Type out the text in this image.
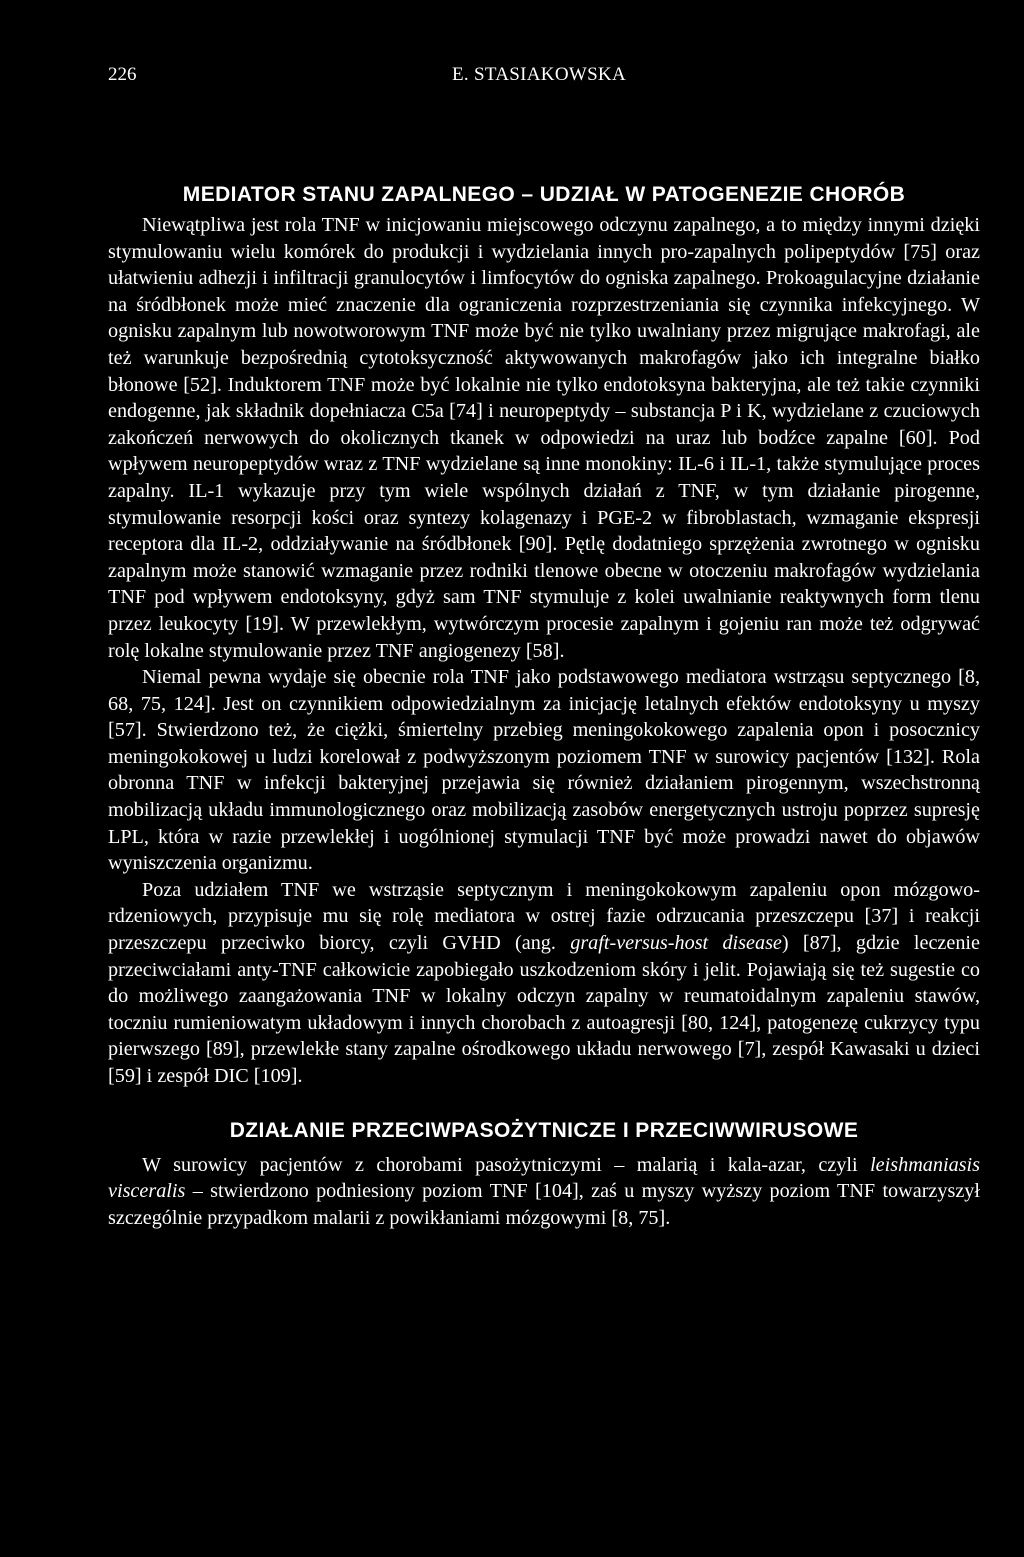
226	E. STASIAKOWSKA
MEDIATOR STANU ZAPALNEGO – UDZIAŁ W PATOGENEZIE CHORÓB

Niewątpliwa jest rola TNF w inicjowaniu miejscowego odczynu zapalnego, a to między innymi dzięki stymulowaniu wielu komórek do produkcji i wydzielania innych pro-zapalnych polipeptydów [75] oraz ułatwieniu adhezji i infiltracji granulocytów i limfocytów do ogniska zapalnego. Prokoagulacyjne działanie na śródbłonek może mieć znaczenie dla ograniczenia rozprzestrzeniania się czynnika infekcyjnego. W ognisku zapalnym lub nowotworowym TNF może być nie tylko uwalniany przez migrujące makrofagi, ale też warunkuje bezpośrednią cytotoksyczność aktywowanych makrofagów jako ich integralne białko błonowe [52]. Induktorem TNF może być lokalnie nie tylko endotoksyna bakteryjna, ale też takie czynniki endogenne, jak składnik dopełniacza C5a [74] i neuropeptydy – substancja P i K, wydzielane z czuciowych zakończeń nerwowych do okolicznych tkanek w odpowiedzi na uraz lub bodźce zapalne [60]. Pod wpływem neuropeptydów wraz z TNF wydzielane są inne monokiny: IL-6 i IL-1, także stymulujące proces zapalny. IL-1 wykazuje przy tym wiele wspólnych działań z TNF, w tym działanie pirogenne, stymulowanie resorpcji kości oraz syntezy kolagenazy i PGE-2 w fibroblastach, wzmaganie ekspresji receptora dla IL-2, oddziaływanie na śródbłonek [90]. Pętlę dodatniego sprzężenia zwrotnego w ognisku zapalnym może stanowić wzmaganie przez rodniki tlenowe obecne w otoczeniu makrofagów wydzielania TNF pod wpływem endotoksyny, gdyż sam TNF stymuluje z kolei uwalnianie reaktywnych form tlenu przez leukocyty [19]. W przewlekłym, wytwórczym procesie zapalnym i gojeniu ran może też odgrywać rolę lokalne stymulowanie przez TNF angiogenezy [58].

Niemal pewna wydaje się obecnie rola TNF jako podstawowego mediatora wstrząsu septycznego [8, 68, 75, 124]. Jest on czynnikiem odpowiedzialnym za inicjację letalnych efektów endotoksyny u myszy [57]. Stwierdzono też, że ciężki, śmiertelny przebieg meningokokowego zapalenia opon i posocznicy meningokokowej u ludzi korelował z podwyższonym poziomem TNF w surowicy pacjentów [132]. Rola obronna TNF w infekcji bakteryjnej przejawia się również działaniem pirogennym, wszechstronną mobilizacją układu immunologicznego oraz mobilizacją zasobów energetycznych ustroju poprzez supresję LPL, która w razie przewlekłej i uogólnionej stymulacji TNF być może prowadzi nawet do objawów wyniszczenia organizmu.

Poza udziałem TNF we wstrząsie septycznym i meningokokowym zapaleniu opon mózgowo-rdzeniowych, przypisuje mu się rolę mediatora w ostrej fazie odrzucania przeszczepu [37] i reakcji przeszczepu przeciwko biorcy, czyli GVHD (ang. graft-versus-host disease) [87], gdzie leczenie przeciwciałami anty-TNF całkowicie zapobiegało uszkodzeniom skóry i jelit. Pojawiają się też sugestie co do możliwego zaangażowania TNF w lokalny odczyn zapalny w reumatoidalnym zapaleniu stawów, toczniu rumieniowatym układowym i innych chorobach z autoagresji [80, 124], patogenezę cukrzycy typu pierwszego [89], przewlekłe stany zapalne ośrodkowego układu nerwowego [7], zespół Kawasaki u dzieci [59] i zespół DIC [109].

DZIAŁANIE PRZECIWPASOŻYTNICZE I PRZECIWWIRUSOWE

W surowicy pacjentów z chorobami pasożytniczymi – malarią i kala-azar, czyli leishmaniasis visceralis – stwierdzono podniesiony poziom TNF [104], zaś u myszy wyższy poziom TNF towarzyszył szczególnie przypadkom malarii z powikłaniami mózgowymi [8, 75].
